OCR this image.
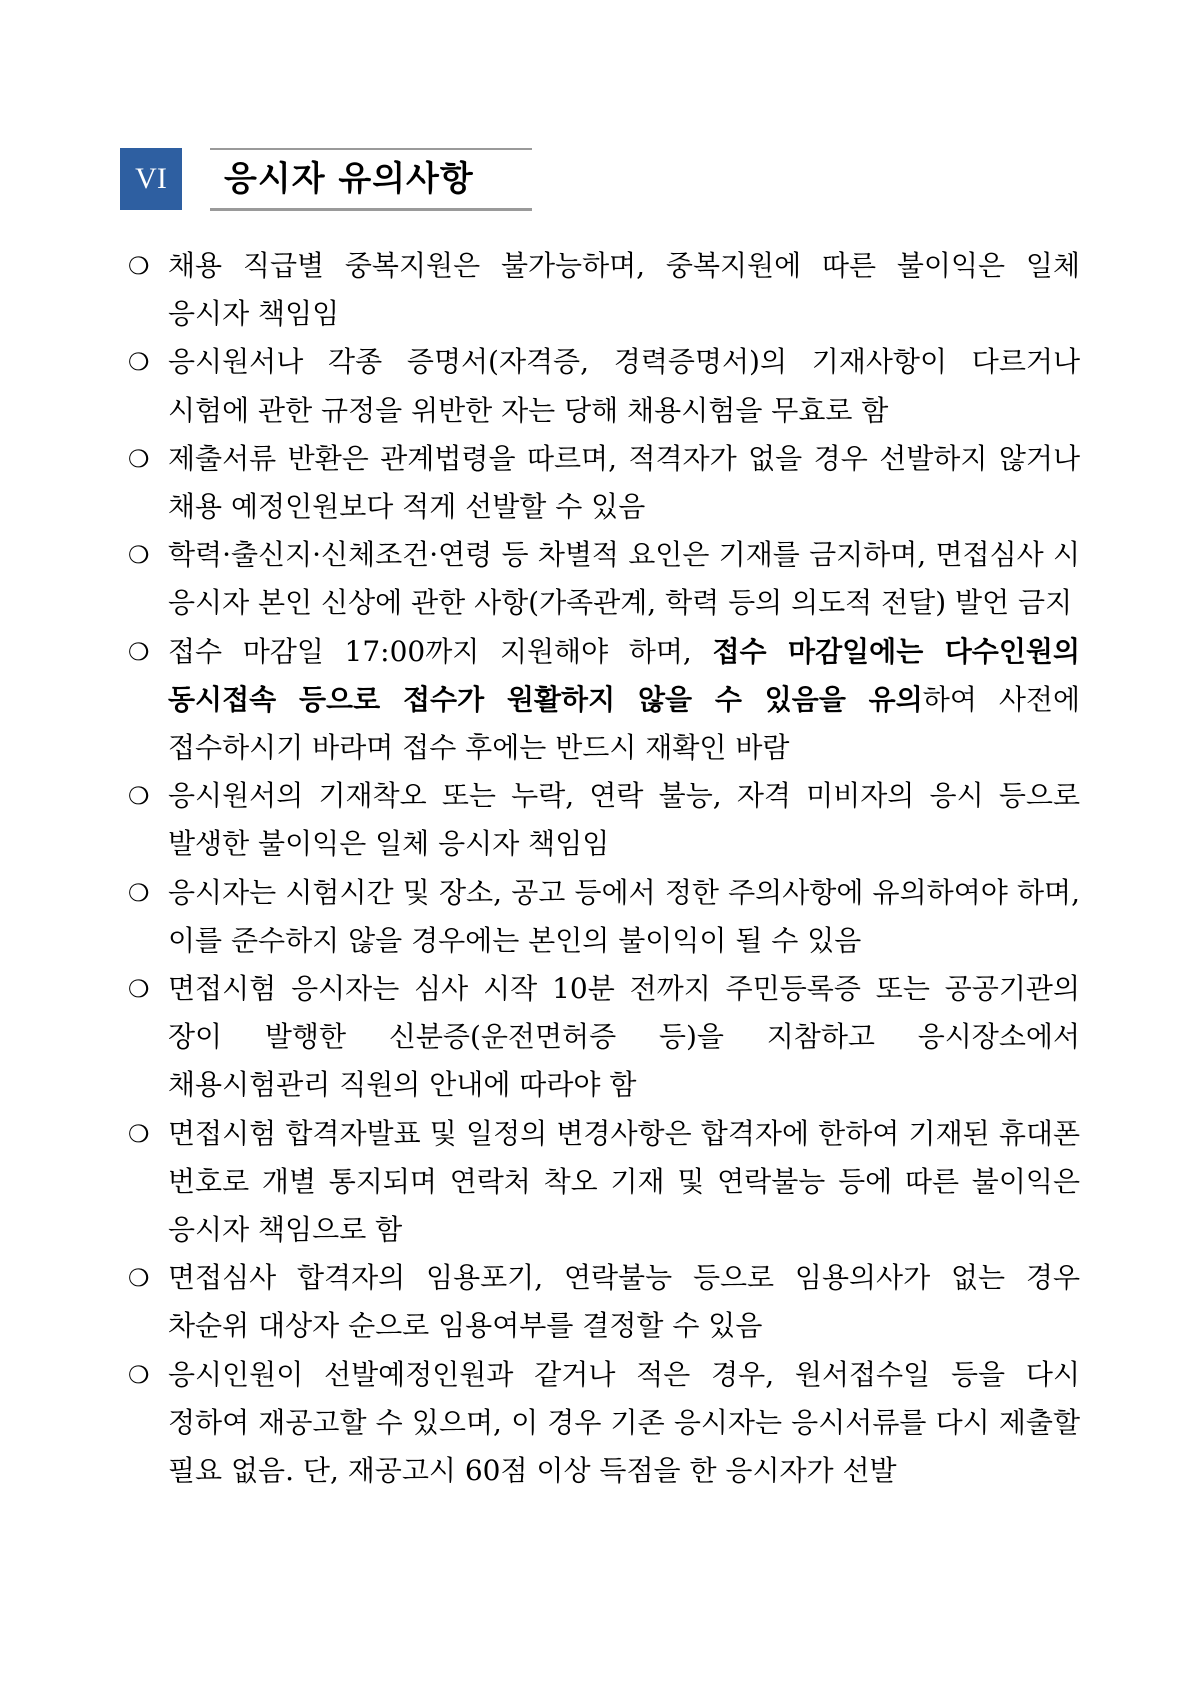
VI	응시자 유의사항
❍ 채용 직급별 중복지원은 불가능하며, 중복지원에 따른 불이익은 일체 응시자 책임임
❍ 응시원서나 각종 증명서(자격증, 경력증명서)의 기재사항이 다르거나 시험에 관한 규정을 위반한 자는 당해 채용시험을 무효로 함
❍ 제출서류 반환은 관계법령을 따르며, 적격자가 없을 경우 선발하지 않거나 채용 예정인원보다 적게 선발할 수 있음
❍ 학력·출신지·신체조건·연령 등 차별적 요인은 기재를 금지하며, 면접심사 시 응시자 본인 신상에 관한 사항(가족관계, 학력 등의 의도적 전달) 발언 금지
❍ 접수 마감일 17:00까지 지원해야 하며, 접수 마감일에는 다수인원의 동시접속 등으로 접수가 원활하지 않을 수 있음을 유의하여 사전에 접수하시기 바라며 접수 후에는 반드시 재확인 바람
❍ 응시원서의 기재착오 또는 누락, 연락 불능, 자격 미비자의 응시 등으로 발생한 불이익은 일체 응시자 책임임
❍ 응시자는 시험시간 및 장소, 공고 등에서 정한 주의사항에 유의하여야 하며, 이를 준수하지 않을 경우에는 본인의 불이익이 될 수 있음
❍ 면접시험 응시자는 심사 시작 10분 전까지 주민등록증 또는 공공기관의 장이 발행한 신분증(운전면허증 등)을 지참하고 응시장소에서 채용시험관리 직원의 안내에 따라야 함
❍ 면접시험 합격자발표 및 일정의 변경사항은 합격자에 한하여 기재된 휴대폰 번호로 개별 통지되며 연락처 착오 기재 및 연락불능 등에 따른 불이익은 응시자 책임으로 함
❍ 면접심사 합격자의 임용포기, 연락불능 등으로 임용의사가 없는 경우 차순위 대상자 순으로 임용여부를 결정할 수 있음
❍ 응시인원이 선발예정인원과 같거나 적은 경우, 원서접수일 등을 다시 정하여 재공고할 수 있으며, 이 경우 기존 응시자는 응시서류를 다시 제출할 필요 없음. 단, 재공고시 60점 이상 득점을 한 응시자가 선발
